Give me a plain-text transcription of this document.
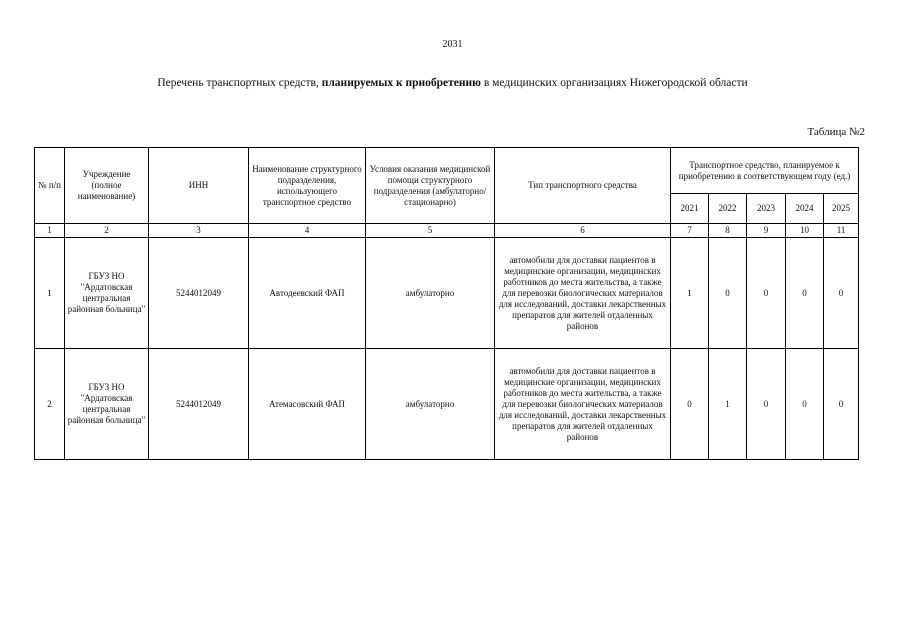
2031
Перечень транспортных средств, планируемых к приобретению в медицинских организациях Нижегородской области
Таблица №2
№ п/п	Учреждение (полное наименование)	ИНН	Наименование структурного подразделения, использующего транспортное средство	Условия оказания медицинской помощи структурного подразделения (амбулаторно/стационарно)	Тип транспортного средства	Транспортное средство, планируемое к приобретению в соответствующем году (ед.)				
						2021	2022	2023	2024	2025
1	2	3	4	5	6	7	8	9	10	11
1	ГБУЗ НО "Ардатовская центральная районная больница"	5244012049	Автодеевский ФАП	амбулаторно	автомобили для доставки пациентов в медицинские организации, медицинских работников до места жительства, а также для перевозки биологических материалов для исследований, доставки лекарственных препаратов для жителей отдаленных районов	1	0	0	0	0
2	ГБУЗ НО "Ардатовская центральная районная больница"	5244012049	Атемасовский ФАП	амбулаторно	автомобили для доставки пациентов в медицинские организации, медицинских работников до места жительства, а также для перевозки биологических материалов для исследований, доставки лекарственных препаратов для жителей отдаленных районов	0	1	0	0	0
